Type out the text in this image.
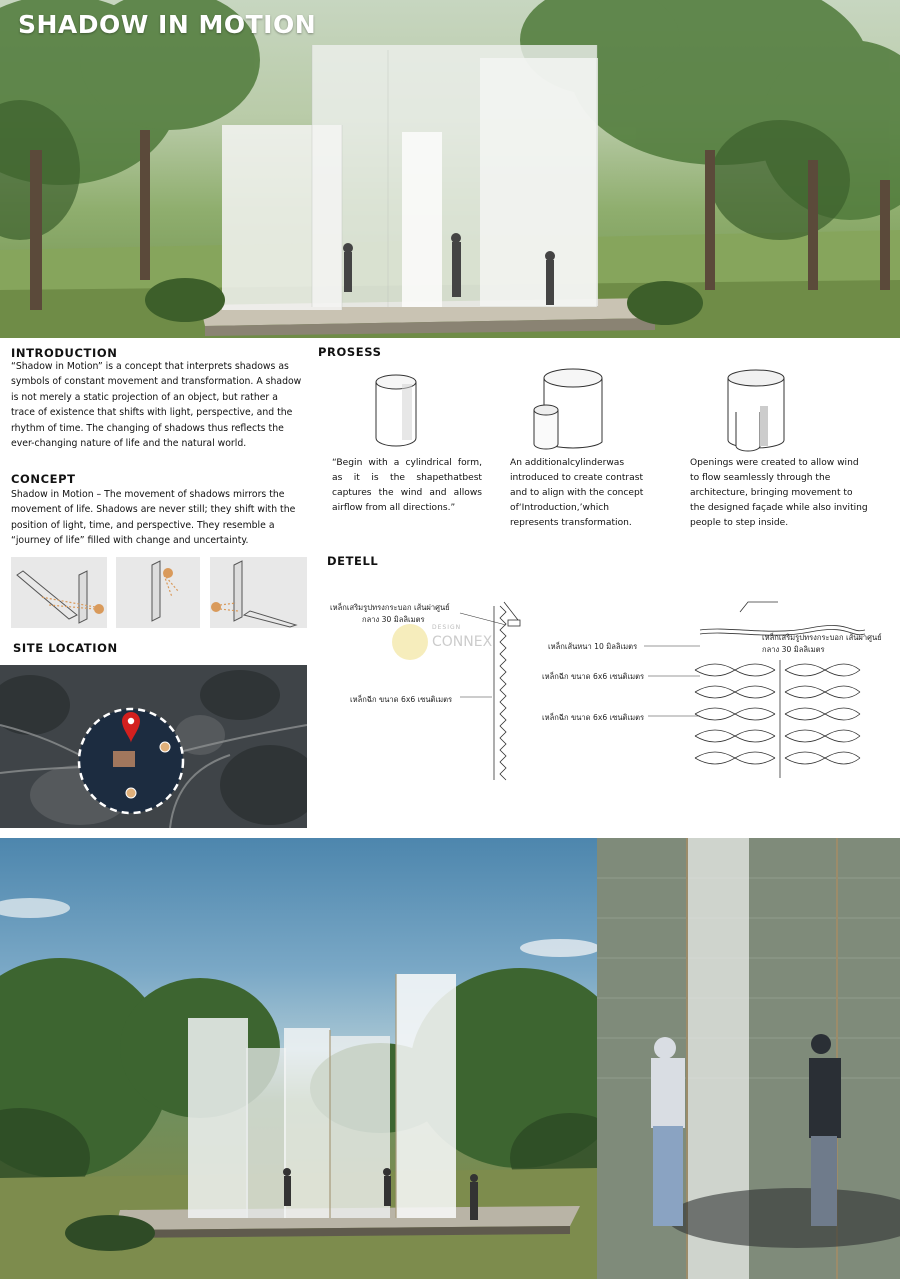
SHADOW IN MOTION
INTRODUCTION
“Shadow in Motion” is a concept that interprets shadows as symbols of constant movement and transformation. A shadow is not merely a static projection of an object, but rather a trace of existence that shifts with light, perspective, and the rhythm of time. The changing of shadows thus reflects the ever-changing nature of life and the natural world.
CONCEPT
Shadow in Motion – The movement of shadows mirrors the movement of life. Shadows are never still; they shift with the position of light, time, and perspective. They resemble a “journey of life” filled with change and uncertainty.
SITE LOCATION
PROSESS
“Begin with a cylindrical form, as it is the shapethatbest captures the wind and allows airflow from all directions.”
An additionalcylinderwas introduced to create contrast and to align with the concept of‘Introduction,’which represents transformation.
Openings were created to allow wind to flow seamlessly through the architecture, bringing movement to the designed façade while also inviting people to step inside.
DETELL
เหล็กเสริมรูปทรงกระบอก เส้นผ่าศูนย์
กลาง 30 มิลลิเมตร
เหล็กฉีก ขนาด 6x6 เซนติเมตร
เหล็กเส้นหนา 10 มิลลิเมตร
เหล็กเสริมรูปทรงกระบอก เส้นผ่าศูนย์
กลาง 30 มิลลิเมตร
เหล็กฉีก ขนาด 6x6 เซนติเมตร
เหล็กฉีก ขนาด 6x6 เซนติเมตร
DESIGN
CONNEX
